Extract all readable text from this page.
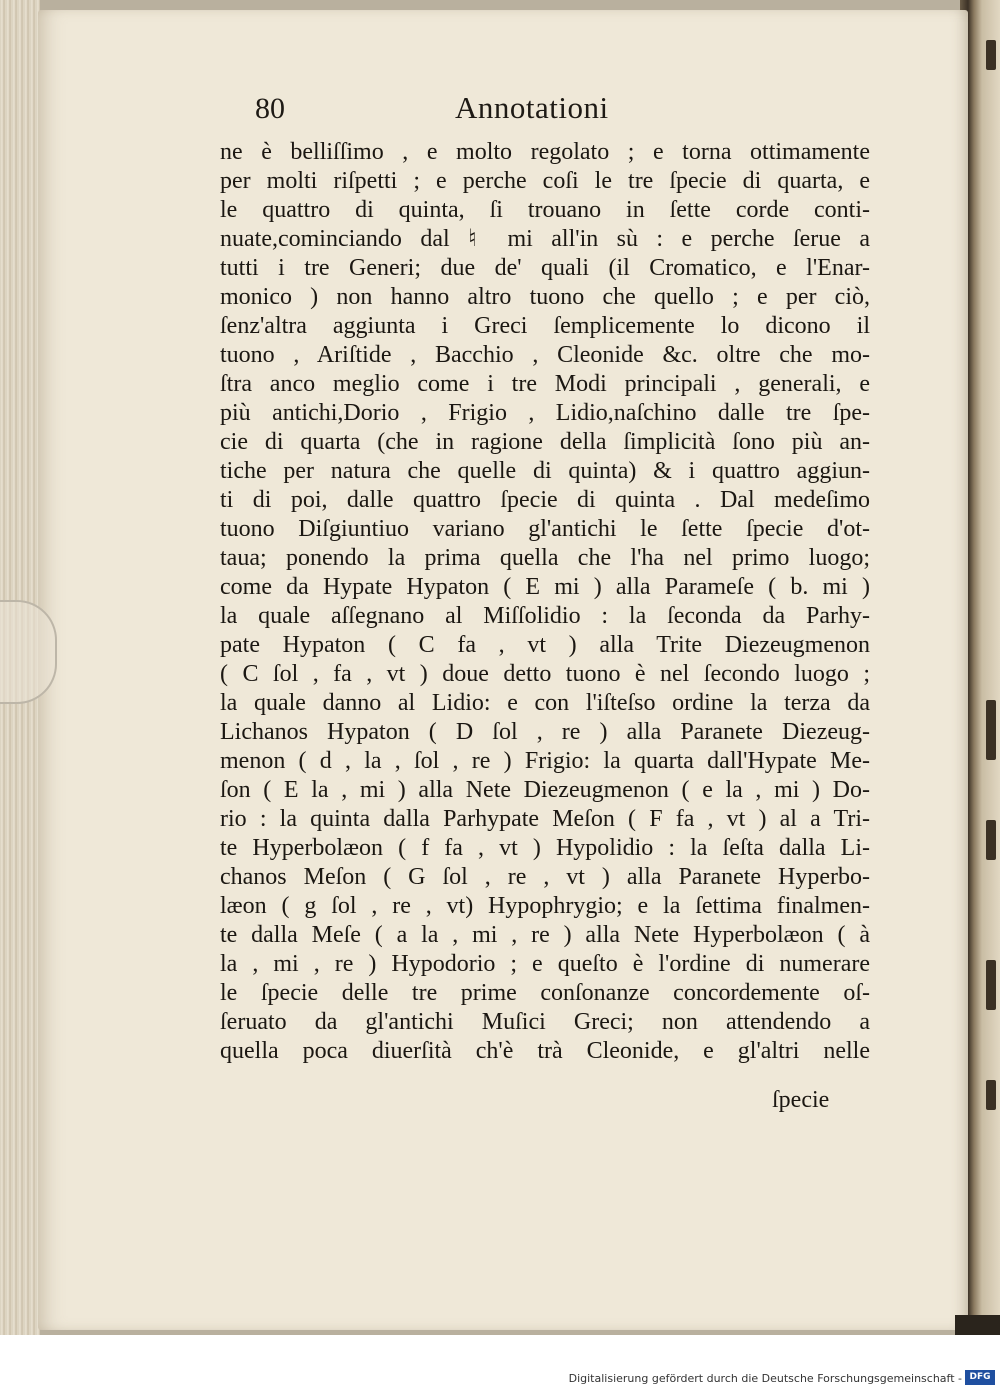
80	Annotationi
ne è belliſſimo , e molto regolato ; e torna ottimamente
per molti riſpetti ; e perche coſi le tre ſpecie di quarta, e
le quattro di quinta, ſi trouano in ſette corde conti-
nuate,cominciando dal ♮ mi all'in sù : e perche ſerue a
tutti i tre Generi; due de' quali (il Cromatico, e l'Enar-
monico ) non hanno altro tuono che quello ; e per ciò,
ſenz'altra aggiunta i Greci ſemplicemente lo dicono il
tuono , Ariſtide , Bacchio , Cleonide &c. oltre che mo-
ſtra anco meglio come i tre Modi principali , generali, e
più antichi,Dorio , Frigio , Lidio,naſchino dalle tre ſpe-
cie di quarta (che in ragione della ſimplicità ſono più an-
tiche per natura che quelle di quinta) & i quattro aggiun-
ti di poi, dalle quattro ſpecie di quinta . Dal medeſimo
tuono Diſgiuntiuo variano gl'antichi le ſette ſpecie d'ot-
taua; ponendo la prima quella che l'ha nel primo luogo;
come da Hypate Hypaton ( E mi ) alla Parameſe ( b. mi )
la quale aſſegnano al Miſſolidio : la ſeconda da Parhy-
pate Hypaton ( C fa , vt ) alla Trite Diezeugmenon
( C ſol , fa , vt ) doue detto tuono è nel ſecondo luogo ;
la quale danno al Lidio: e con l'iſteſso ordine la terza da
Lichanos Hypaton ( D ſol , re ) alla Paranete Diezeug-
menon ( d , la , ſol , re ) Frigio: la quarta dall'Hypate Me-
ſon ( E la , mi ) alla Nete Diezeugmenon ( e la , mi ) Do-
rio : la quinta dalla Parhypate Meſon ( F fa , vt ) al a Tri-
te Hyperbolæon ( f fa , vt ) Hypolidio : la ſeſta dalla Li-
chanos Meſon ( G ſol , re , vt ) alla Paranete Hyperbo-
læon ( g ſol , re , vt) Hypophrygio; e la ſettima finalmen-
te dalla Meſe ( a la , mi , re ) alla Nete Hyperbolæon ( à
la , mi , re ) Hypodorio ; e queſto è l'ordine di numerare
le ſpecie delle tre prime conſonanze concordemente oſ-
ſeruato da gl'antichi Muſici Greci; non attendendo a
quella poca diuerſità ch'è trà Cleonide, e gl'altri nelle
ſpecie
Digitalisierung gefördert durch die Deutsche Forschungsgemeinschaft - DFG
